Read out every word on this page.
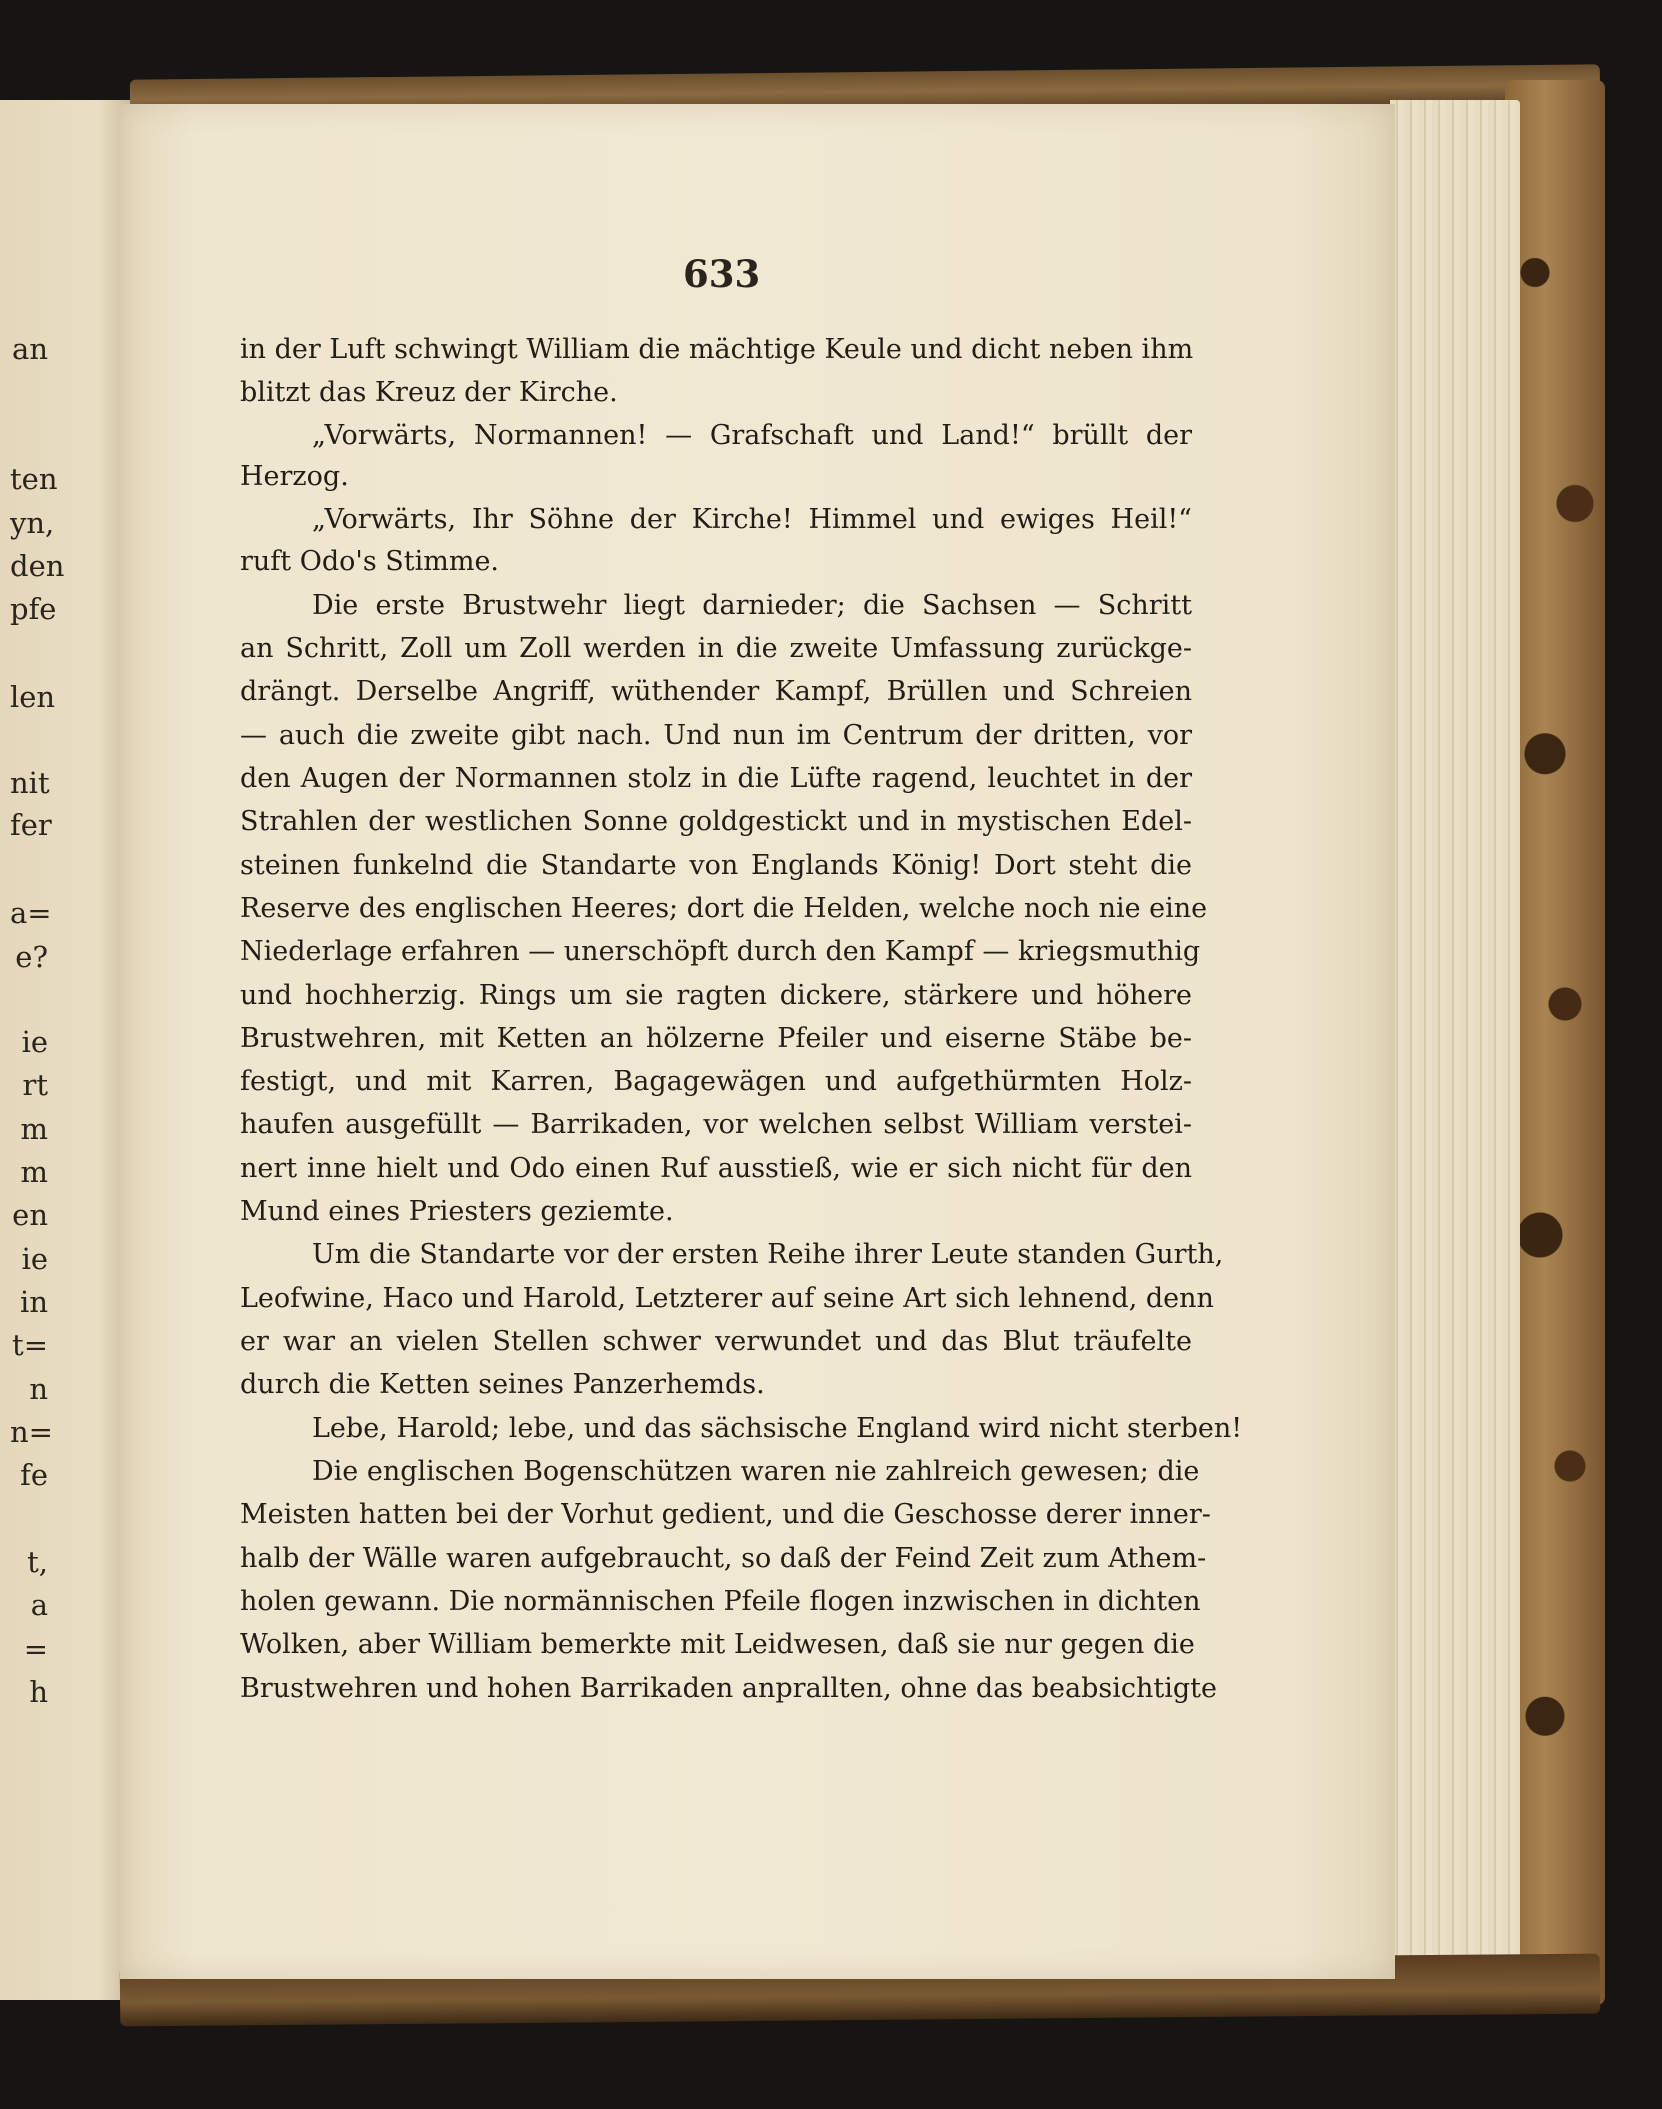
an
ten
yn,
den
pfe
len
nit
fer
a=
e?
ie
rt
m
m
en
ie
in
t=
n
n=
fe
t,
a
=
h
633
in der Luft schwingt William die mächtige Keule und dicht neben ihm
blitzt das Kreuz der Kirche.
„Vorwärts, Normannen! — Grafschaft und Land!“ brüllt der
Herzog.
„Vorwärts, Ihr Söhne der Kirche! Himmel und ewiges Heil!“
ruft Odo's Stimme.
Die erste Brustwehr liegt darnieder; die Sachsen — Schritt
an Schritt, Zoll um Zoll werden in die zweite Umfassung zurückge-
drängt. Derselbe Angriff, wüthender Kampf, Brüllen und Schreien
— auch die zweite gibt nach. Und nun im Centrum der dritten, vor
den Augen der Normannen stolz in die Lüfte ragend, leuchtet in der
Strahlen der westlichen Sonne goldgestickt und in mystischen Edel-
steinen funkelnd die Standarte von Englands König! Dort steht die
Reserve des englischen Heeres; dort die Helden, welche noch nie eine
Niederlage erfahren — unerschöpft durch den Kampf — kriegsmuthig
und hochherzig. Rings um sie ragten dickere, stärkere und höhere
Brustwehren, mit Ketten an hölzerne Pfeiler und eiserne Stäbe be-
festigt, und mit Karren, Bagagewägen und aufgethürmten Holz-
haufen ausgefüllt — Barrikaden, vor welchen selbst William verstei-
nert inne hielt und Odo einen Ruf ausstieß, wie er sich nicht für den
Mund eines Priesters geziemte.
Um die Standarte vor der ersten Reihe ihrer Leute standen Gurth,
Leofwine, Haco und Harold, Letzterer auf seine Art sich lehnend, denn
er war an vielen Stellen schwer verwundet und das Blut träufelte
durch die Ketten seines Panzerhemds.
Lebe, Harold; lebe, und das sächsische England wird nicht sterben!
Die englischen Bogenschützen waren nie zahlreich gewesen; die
Meisten hatten bei der Vorhut gedient, und die Geschosse derer inner-
halb der Wälle waren aufgebraucht, so daß der Feind Zeit zum Athem-
holen gewann. Die normännischen Pfeile flogen inzwischen in dichten
Wolken, aber William bemerkte mit Leidwesen, daß sie nur gegen die
Brustwehren und hohen Barrikaden anprallten, ohne das beabsichtigte
